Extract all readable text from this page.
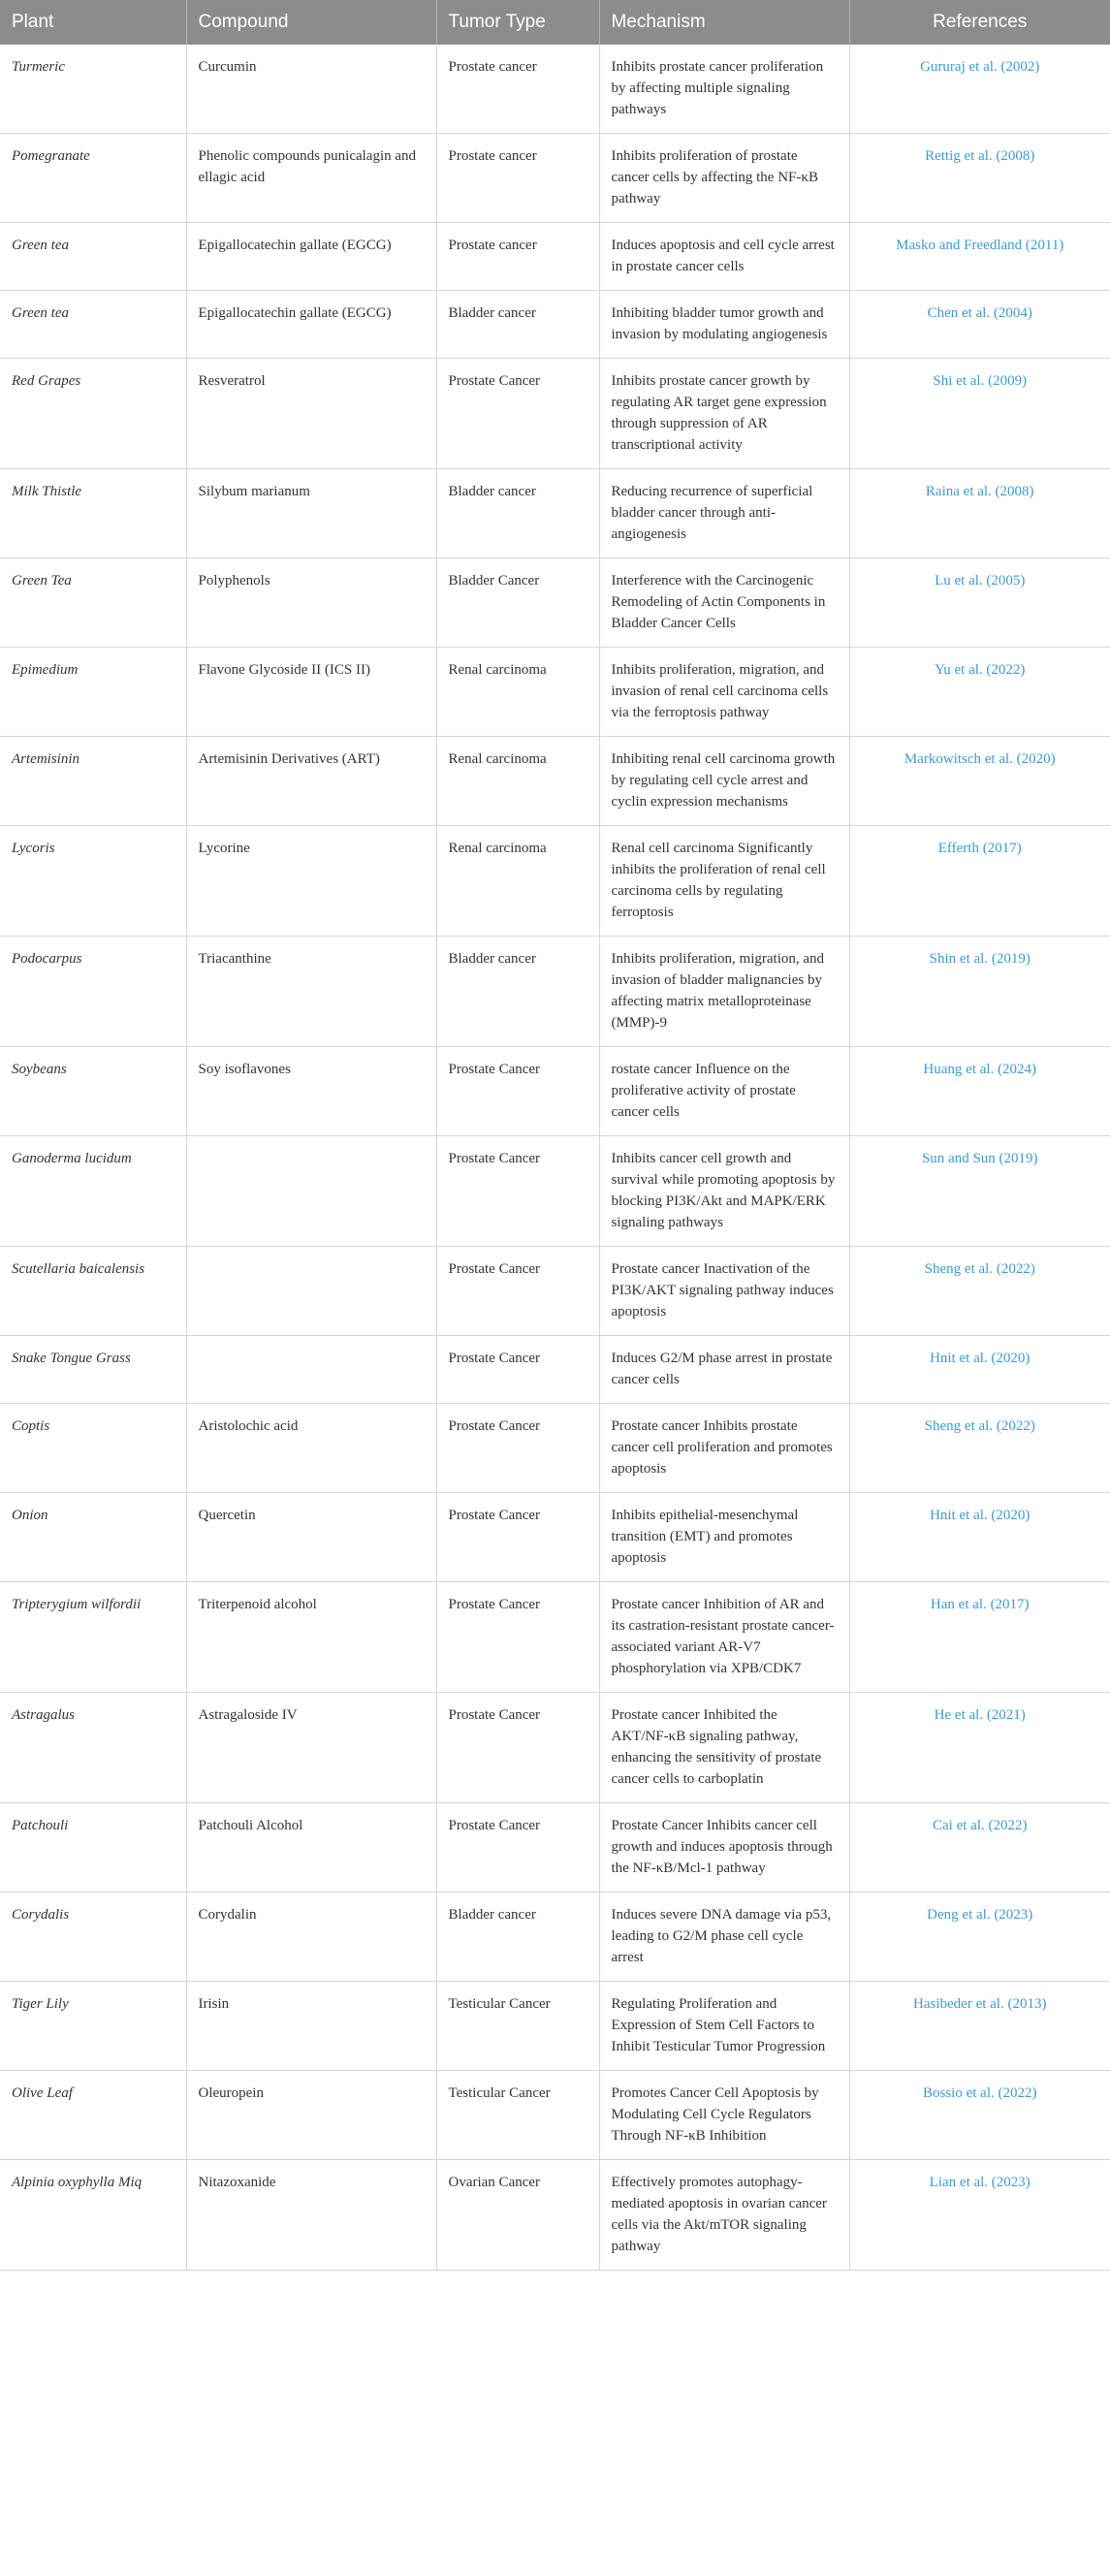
Plant	Compound	Tumor Type	Mechanism	References
Turmeric	Curcumin	Prostate cancer	Inhibits prostate cancer proliferation by affecting multiple signaling pathways	Gururaj et al. (2002)
Pomegranate	Phenolic compounds punicalagin and ellagic acid	Prostate cancer	Inhibits proliferation of prostate cancer cells by affecting the NF-κB pathway	Rettig et al. (2008)
Green tea	Epigallocatechin gallate (EGCG)	Prostate cancer	Induces apoptosis and cell cycle arrest in prostate cancer cells	Masko and Freedland (2011)
Green tea	Epigallocatechin gallate (EGCG)	Bladder cancer	Inhibiting bladder tumor growth and invasion by modulating angiogenesis	Chen et al. (2004)
Red Grapes	Resveratrol	Prostate Cancer	Inhibits prostate cancer growth by regulating AR target gene expression through suppression of AR transcriptional activity	Shi et al. (2009)
Milk Thistle	Silybum marianum	Bladder cancer	Reducing recurrence of superficial bladder cancer through anti-angiogenesis	Raina et al. (2008)
Green Tea	Polyphenols	Bladder Cancer	Interference with the Carcinogenic Remodeling of Actin Components in Bladder Cancer Cells	Lu et al. (2005)
Epimedium	Flavone Glycoside II (ICS II)	Renal carcinoma	Inhibits proliferation, migration, and invasion of renal cell carcinoma cells via the ferroptosis pathway	Yu et al. (2022)
Artemisinin	Artemisinin Derivatives (ART)	Renal carcinoma	Inhibiting renal cell carcinoma growth by regulating cell cycle arrest and cyclin expression mechanisms	Markowitsch et al. (2020)
Lycoris	Lycorine	Renal carcinoma	Renal cell carcinoma Significantly inhibits the proliferation of renal cell carcinoma cells by regulating ferroptosis	Efferth (2017)
Podocarpus	Triacanthine	Bladder cancer	Inhibits proliferation, migration, and invasion of bladder malignancies by affecting matrix metalloproteinase (MMP)-9	Shin et al. (2019)
Soybeans	Soy isoflavones	Prostate Cancer	rostate cancer Influence on the proliferative activity of prostate cancer cells	Huang et al. (2024)
Ganoderma lucidum		Prostate Cancer	Inhibits cancer cell growth and survival while promoting apoptosis by blocking PI3K/Akt and MAPK/ERK signaling pathways	Sun and Sun (2019)
Scutellaria baicalensis		Prostate Cancer	Prostate cancer Inactivation of the PI3K/AKT signaling pathway induces apoptosis	Sheng et al. (2022)
Snake Tongue Grass		Prostate Cancer	Induces G2/M phase arrest in prostate cancer cells	Hnit et al. (2020)
Coptis	Aristolochic acid	Prostate Cancer	Prostate cancer Inhibits prostate cancer cell proliferation and promotes apoptosis	Sheng et al. (2022)
Onion	Quercetin	Prostate Cancer	Inhibits epithelial-mesenchymal transition (EMT) and promotes apoptosis	Hnit et al. (2020)
Tripterygium wilfordii	Triterpenoid alcohol	Prostate Cancer	Prostate cancer Inhibition of AR and its castration-resistant prostate cancer-associated variant AR-V7 phosphorylation via XPB/CDK7	Han et al. (2017)
Astragalus	Astragaloside IV	Prostate Cancer	Prostate cancer Inhibited the AKT/NF-κB signaling pathway, enhancing the sensitivity of prostate cancer cells to carboplatin	He et al. (2021)
Patchouli	Patchouli Alcohol	Prostate Cancer	Prostate Cancer Inhibits cancer cell growth and induces apoptosis through the NF-κB/Mcl-1 pathway	Cai et al. (2022)
Corydalis	Corydalin	Bladder cancer	Induces severe DNA damage via p53, leading to G2/M phase cell cycle arrest	Deng et al. (2023)
Tiger Lily	Irisin	Testicular Cancer	Regulating Proliferation and Expression of Stem Cell Factors to Inhibit Testicular Tumor Progression	Hasibeder et al. (2013)
Olive Leaf	Oleuropein	Testicular Cancer	Promotes Cancer Cell Apoptosis by Modulating Cell Cycle Regulators Through NF-κB Inhibition	Bossio et al. (2022)
Alpinia oxyphylla Miq	Nitazoxanide	Ovarian Cancer	Effectively promotes autophagy-mediated apoptosis in ovarian cancer cells via the Akt/mTOR signaling pathway	Lian et al. (2023)
